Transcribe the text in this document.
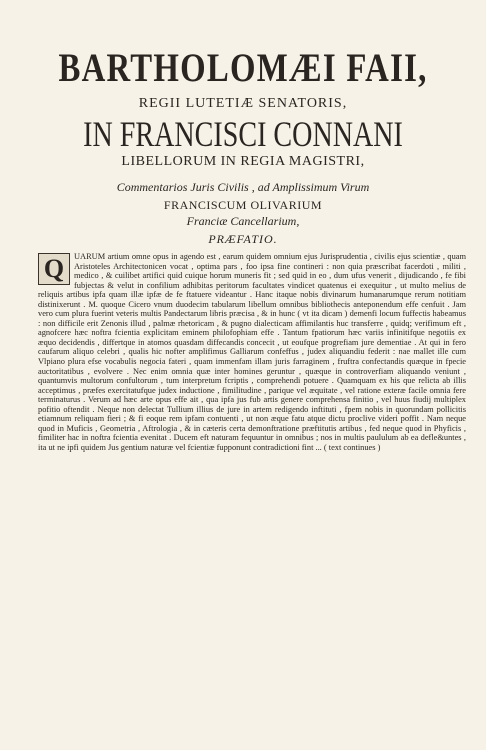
BARTHOLOMÆI FAII,
REGII LUTETIÆ SENATORIS,
IN FRANCISCI CONNANI
LIBELLORUM IN REGIA MAGISTRI,
Commentarios Juris Civilis , ad Amplissimum Virum
FRANCISCUM OLIVARIUM
Franciæ Cancellarium,
PRÆFATIO.
Q	UARUM artium omne opus in agendo est , earum quidem omnium ejus Jurisprudentia , civilis ejus scientiæ , quam Aristoteles Architectonicen vocat , optima pars , foo ipsa fine contineri : non quia præscribat facerdoti , militi , medico , & cuilibet artifici quid cuique horum muneris fit ; sed quid in eo , dum ufus venerit , dijudicando , fe fibi fubjectas & velut in confilium adhibitas peritorum facultates vindicet quatenus ei exequitur , ut multo melius de reliquis artibus ipfa quam illæ ipfæ de fe ftatuere videantur . Hanc itaque nobis divinarum humanarumque rerum notitiam distinixerunt . M. quoque Cicero vnum duodecim tabularum libellum omnibus bibliothecis anteponendum effe cenfuit . Jam vero cum plura fuerint veteris multis Pandectarum libris præcisa , & in hunc ( vt ita dicam ) demenfi locum fuffectis habeamus : non difficile erit Zenonis illud , palmæ rhetoricam , & pugno dialecticam affimilantis huc transferre , quidq; verifimum eft , agnofcere hæc noftra fcientia explicitam eminem philofophiam effe . Tantum fpatiorum hæc variis infinitifque negotiis ex æquo decidendis , differtque in atomos quasdam diffecandis concecit , ut eoufque progrefiam jure dementiae . At qui in fero caufarum aliquo celebri , qualis hic nofter amplifimus Galliarum confeffus , judex aliquandiu federit : nae mallet ille cum Vlpiano plura efse vocabulis negocia fateri , quam immenfam illam juris farraginem , fruftra confectandis quæque in fpecie auctoritatibus , evolvere . Nec enim omnia quæ inter homines geruntur , quæque in controverfiam aliquando veniunt , quantumvis multorum confultorum , tum interpretum fcriptis , comprehendi potuere . Quamquam ex his que relicta ab illis acceptimus , præfes exercitatufque judex inductione , fimilitudine , parique vel æquitate , vel ratione exteræ facile omnia fere terminaturus . Verum ad hæc arte opus effe ait , qua ipfa jus fub artis genere comprehensa finitio , vel huus fiudij multiplex pofitio oftendit . Neque non delectat Tullium illius de jure in artem redigendo inftituti , fpem nobis in quorundam pollicitis etiamnum reliquam fieri ; & fi eoque rem ipfam contuenti , ut non æque fatu atque dictu proclive videri poffit . Nam neque quod in Muficis , Geometria , Aftrologia , & in cæteris certa demonftratione præftitutis artibus , fed neque quod in Phyficis , fimiliter hac in noftra fcientia evenitat . Ducem eft naturam fequuntur in omnibus ; nos in multis paululum ab ea defle&untes , ita ut ne ipfi quidem Jus gentium naturæ vel fcientiæ fupponunt contradictioni fint ... ( text continues )
